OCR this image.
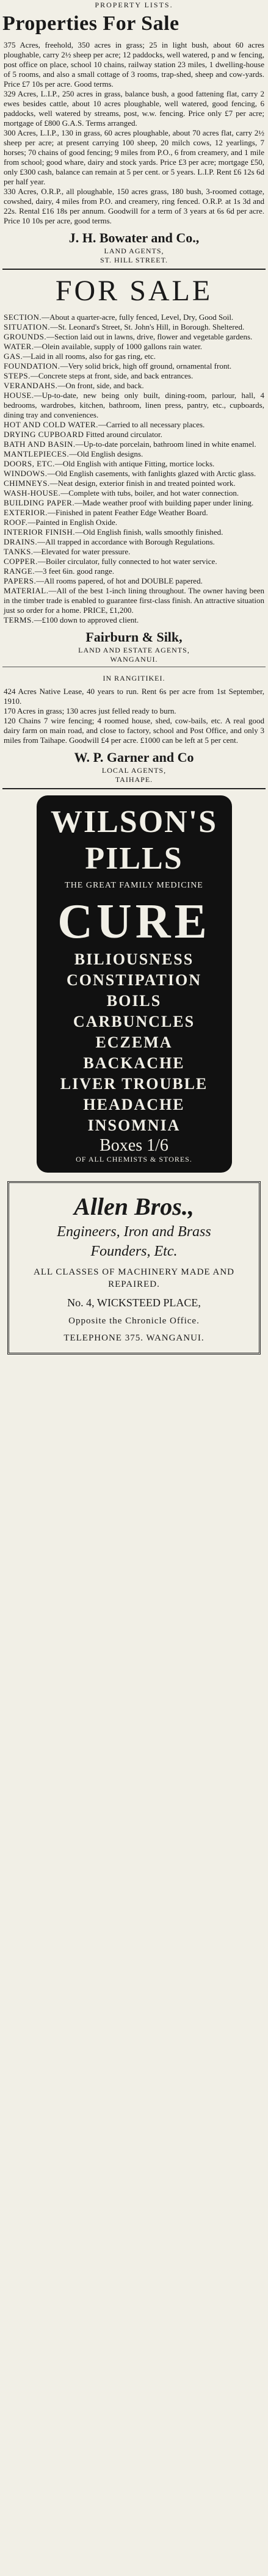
PROPERTY LISTS.
Properties For Sale

375 Acres, freehold, 350 acres in grass; 25 in light bush, about 60 acres ploughable, carry 2½ sheep per acre; 12 paddocks, well watered, p and w fencing, post office on place, school 10 chains, railway station 23 miles, 1 dwelling-house of 5 rooms, and also a small cottage of 3 rooms, trap-shed, sheep and cow-yards. Price £7 10s per acre. Good terms.

329 Acres, L.I.P., 250 acres in grass, balance bush, a good fattening flat, carry 2 ewes besides cattle, about 10 acres ploughable, well watered, good fencing, 6 paddocks, well watered by streams, post, w.w. fencing. Price only £7 per acre; mortgage of £800 G.A.S. Terms arranged.

300 Acres, L.I.P., 130 in grass, 60 acres ploughable, about 70 acres flat, carry 2½ sheep per acre; at present carrying 100 sheep, 20 milch cows, 12 yearlings, 7 horses; 70 chains of good fencing; 9 miles from P.O., 6 from creamery, and 1 mile from school; good whare, dairy and stock yards. Price £3 per acre; mortgage £50, only £300 cash, balance can remain at 5 per cent. or 5 years. L.I.P. Rent £6 12s 6d per half year.

330 Acres, O.R.P., all ploughable, 150 acres grass, 180 bush, 3-roomed cottage, cowshed, dairy, 4 miles from P.O. and creamery, ring fenced. O.R.P. at 1s 3d and 22s. Rental £16 18s per annum. Goodwill for a term of 3 years at 6s 6d per acre. Price 10 10s per acre, good terms.

J. H. Bowater and Co.,
LAND AGENTS,
ST. HILL STREET.
FOR SALE

SECTION.—About a quarter-acre, fully fenced, Level, Dry, Good Soil.

SITUATION.—St. Leonard's Street, St. John's Hill, in Borough. Sheltered.

GROUNDS.—Section laid out in lawns, drive, flower and vegetable gardens.

WATER.—Olein available, supply of 1000 gallons rain water.

GAS.—Laid in all rooms, also for gas ring, etc.

FOUNDATION.—Very solid brick, high off ground, ornamental front.

STEPS.—Concrete steps at front, side, and back entrances.

VERANDAHS.—On front, side, and back.

HOUSE.—Up-to-date, new being only built, dining-room, parlour, hall, 4 bedrooms, wardrobes, kitchen, bathroom, linen press, pantry, etc., cupboards, dining tray and conveniences.

HOT AND COLD WATER.—Carried to all necessary places.

DRYING CUPBOARD Fitted around circulator.

BATH AND BASIN.—Up-to-date porcelain, bathroom lined in white enamel.

MANTLEPIECES.—Old English designs.

DOORS, ETC.—Old English with antique Fitting, mortice locks.

WINDOWS.—Old English casements, with fanlights glazed with Arctic glass.

CHIMNEYS.—Neat design, exterior finish in and treated pointed work.

WASH-HOUSE.—Complete with tubs, boiler, and hot water connection.

BUILDING PAPER.—Made weather proof with building paper under lining.

EXTERIOR.—Finished in patent Feather Edge Weather Board.

ROOF.—Painted in English Oxide.

INTERIOR FINISH.—Old English finish, walls smoothly finished.

DRAINS.—All trapped in accordance with Borough Regulations.

TANKS.—Elevated for water pressure.

COPPER.—Boiler circulator, fully connected to hot water service.

RANGE.—3 feet 6in. good range.

PAPERS.—All rooms papered, of hot and DOUBLE papered.

MATERIAL.—All of the best 1-inch lining throughout. The owner having been in the timber trade is enabled to guarantee first-class finish. An attractive situation just so order for a home. PRICE, £1,200.

TERMS.—£100 down to approved client.

Fairburn & Silk,
LAND AND ESTATE AGENTS,
WANGANUI.
IN RANGITIKEI.

424 Acres Native Lease, 40 years to run. Rent 6s per acre from 1st September, 1910.

170 Acres in grass; 130 acres just felled ready to burn.

120 Chains 7 wire fencing; 4 roomed house, shed, cow-bails, etc. A real good dairy farm on main road, and close to factory, school and Post Office, and only 3 miles from Taihape. Goodwill £4 per acre. £1000 can be left at 5 per cent.

W. P. Garner and Co
LOCAL AGENTS,
TAIHAPE.
WILSON'S PILLS
THE GREAT FAMILY MEDICINE
CURE
BILIOUSNESS
CONSTIPATION
BOILS
CARBUNCLES
ECZEMA
BACKACHE
LIVER TROUBLE
HEADACHE
INSOMNIA
Boxes 1/6
OF ALL CHEMISTS & STORES.
Allen Bros.,
Engineers, Iron and Brass
Founders, Etc.
ALL CLASSES OF MACHINERY MADE AND REPAIRED.
No. 4, WICKSTEED PLACE,
Opposite the Chronicle Office.
TELEPHONE 375. WANGANUI.
